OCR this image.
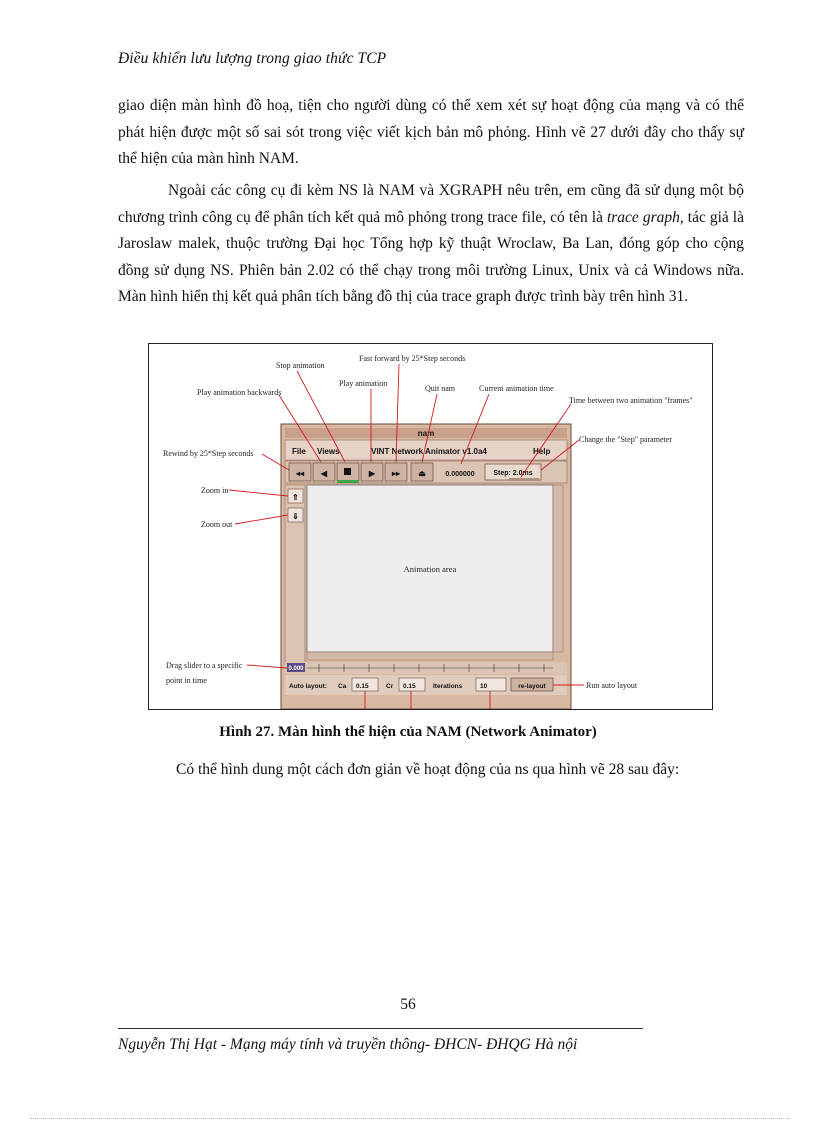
Điều khiển lưu lượng trong giao thức TCP
giao diện màn hình đồ hoạ, tiện cho người dùng có thể xem xét sự hoạt động của mạng và có thể phát hiện được một số sai sót trong việc viết kịch bản mô phỏng. Hình vẽ 27 dưới đây cho thấy sự thể hiện của màn hình NAM.
Ngoài các công cụ đi kèm NS là NAM và XGRAPH nêu trên, em cũng đã sử dụng một bộ chương trình công cụ để phân tích kết quả mô phỏng trong trace file, có tên là trace graph, tác giả là Jaroslaw malek, thuộc trường Đại học Tổng hợp kỹ thuật Wroclaw, Ba Lan, đóng góp cho cộng đồng sử dụng NS. Phiên bản 2.02 có thể chạy trong môi trường Linux, Unix và cả Windows nữa. Màn hình hiển thị kết quả phân tích bằng đồ thị của trace graph được trình bày trên hình 31.
nam
File Views	VINT Network Animator v1.0a4	Help
◂◂ ◀	▶ ▸▸ ⏏	0.000000	Step: 2.0ms
⇑
⇓
Animation area
0.000
Auto layout: Ca 0.15	Cr 0.15	Iterations	10	re-layout
Stop animation
Fast forward by 25*Step seconds
Play animation backwards
Play animation
Quit nam	Current animation time
Time between two animation "frames"
Change the "Step" parameter
Rewind by 25*Step seconds
Zoom in
Zoom out
Drag slider to a specific
point in time
Run auto layout
Hình 27. Màn hình thể hiện của NAM (Network Animator)
Có thể hình dung một cách đơn giản về hoạt động của ns qua hình vẽ 28 sau đây:
56
Nguyễn Thị Hạt - Mạng máy tính và truyền thông- ĐHCN- ĐHQG Hà nội
